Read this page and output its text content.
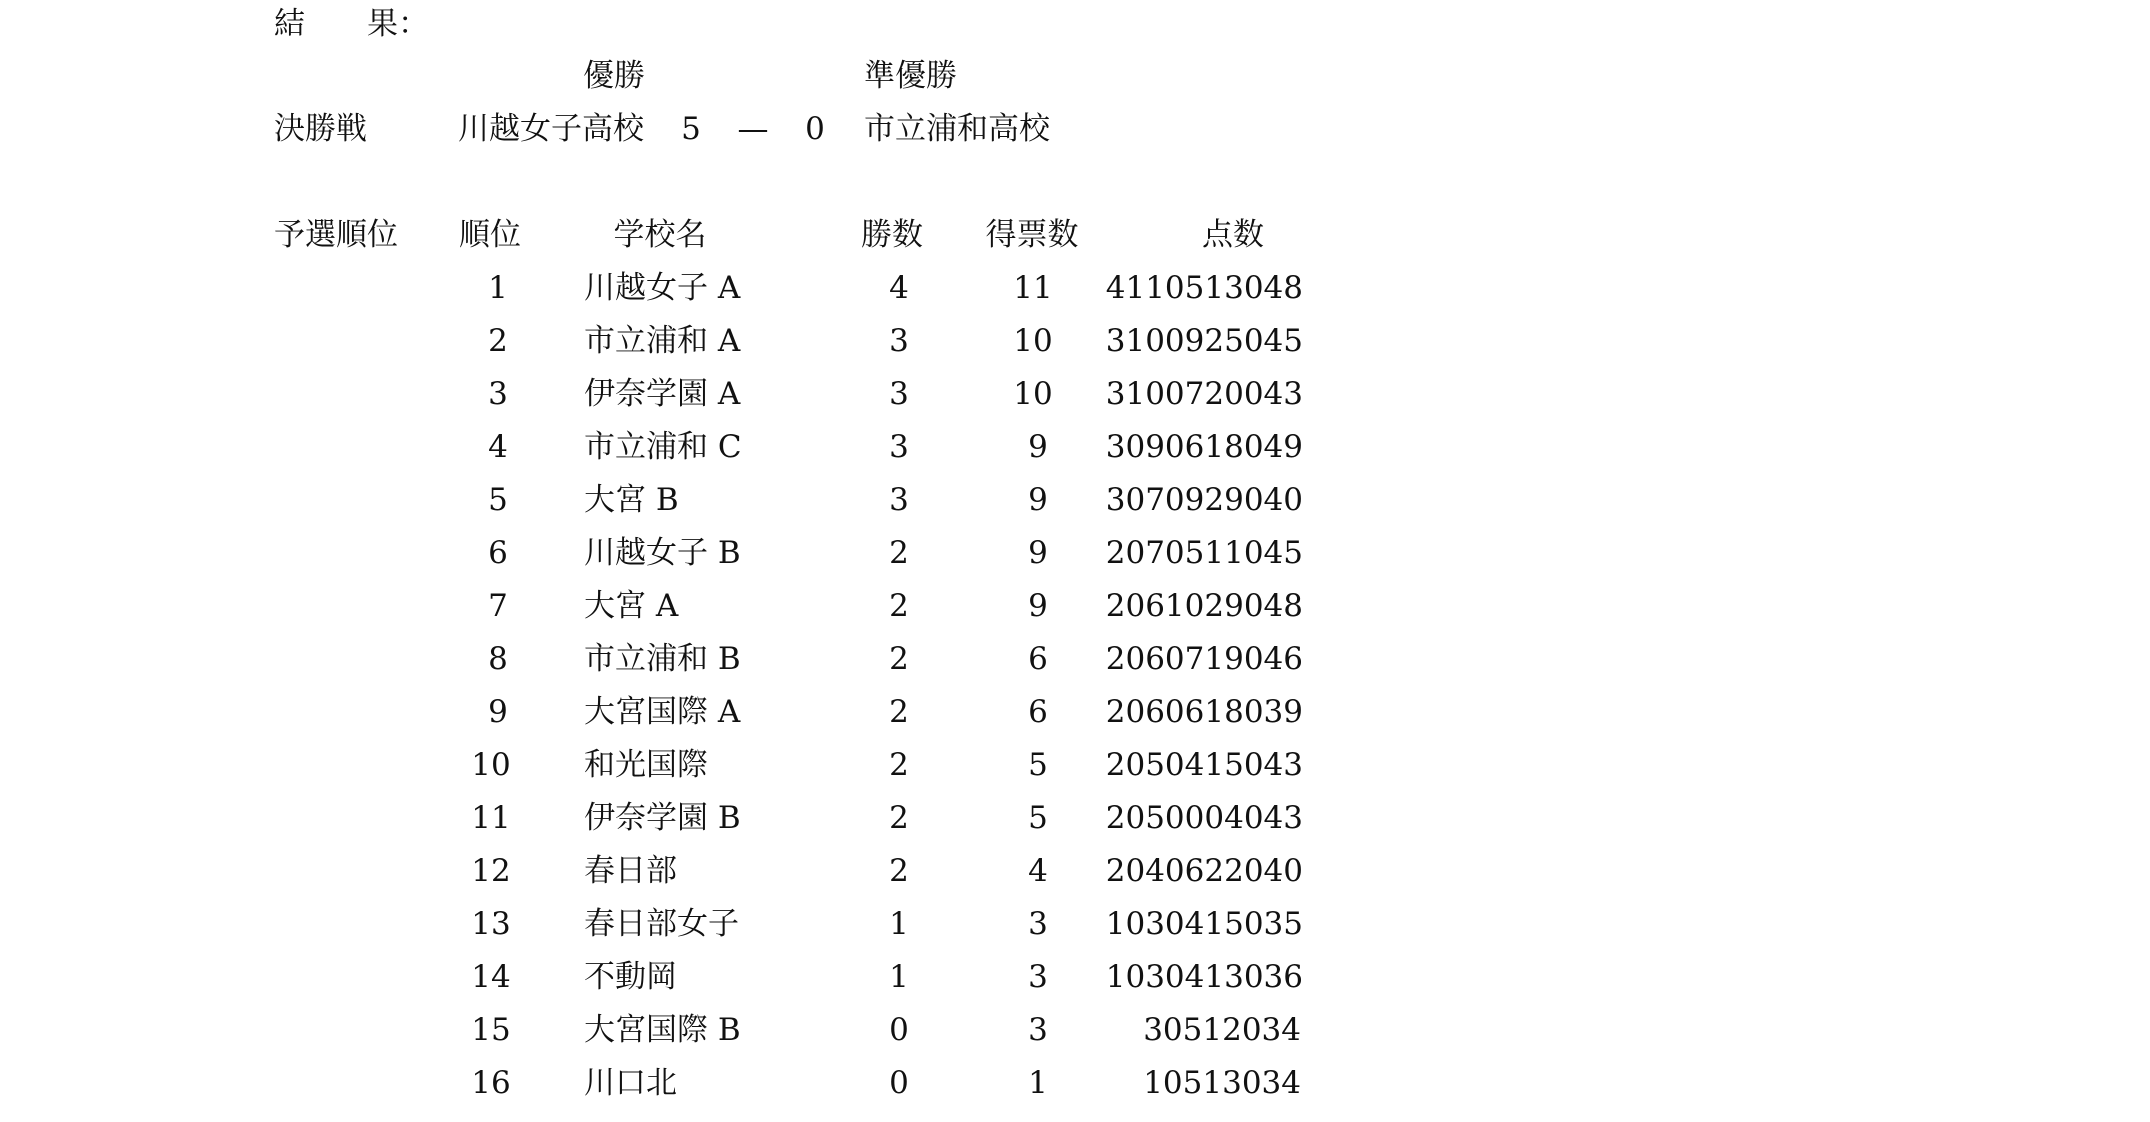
結　　果：
優勝	準優勝
決勝戦	川越女子高校 5 — 0 市立浦和高校
予選順位 順位	学校名	勝数 得票数	点数
1 川越女子 A	4	11 4110513048
2 市立浦和 A	3	10 3100925045
3 伊奈学園 A	3	10 3100720043
4 市立浦和 C	3	9 3090618049
5 大宮 B	3	9 3070929040
6 川越女子 B	2	9 2070511045
7 大宮 A	2	9 2061029048
8 市立浦和 B	2	6 2060719046
9 大宮国際 A	2	6 2060618039
10 和光国際	2	5 2050415043
11 伊奈学園 B	2	5 2050004043
12 春日部	2	4 2040622040
13 春日部女子	1	3 1030415035
14 不動岡	1	3 1030413036
15 大宮国際 B	0	3	30512034
16 川口北	0	1	10513034
